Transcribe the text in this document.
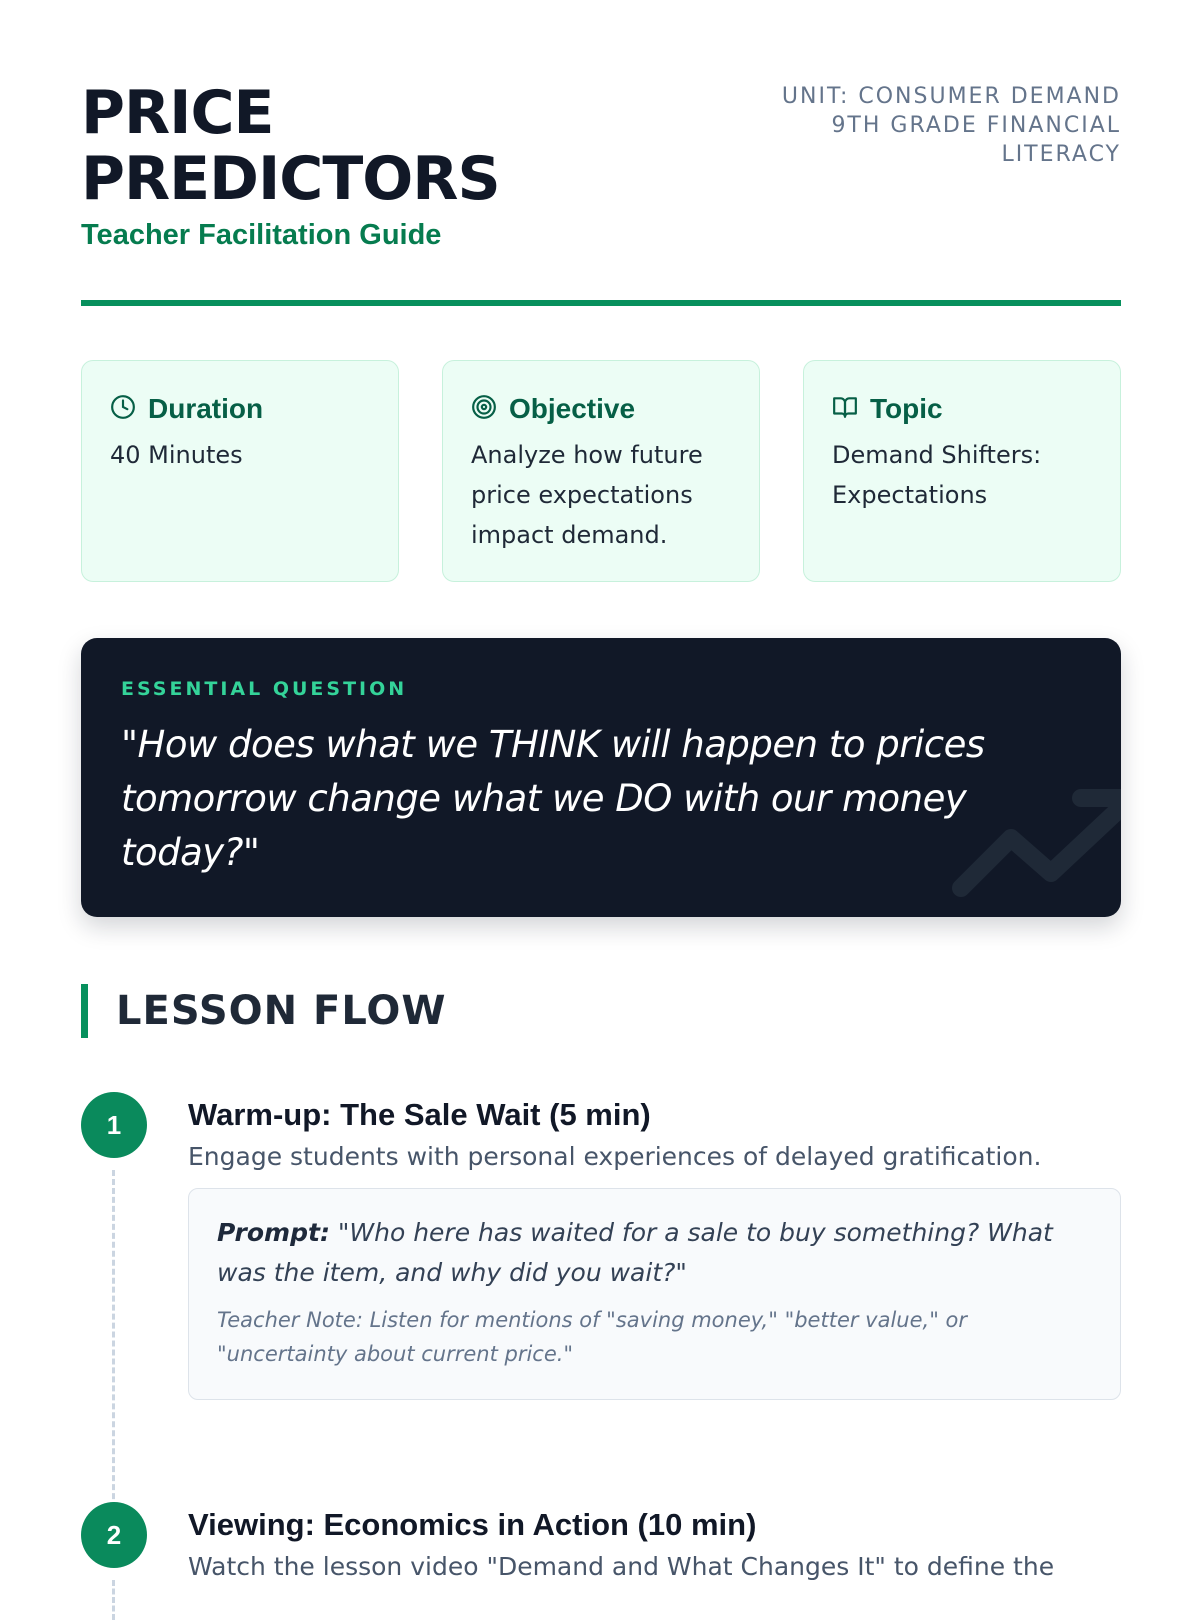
PRICE
PREDICTORS
Teacher Facilitation Guide
UNIT: CONSUMER DEMAND
9TH GRADE FINANCIAL
LITERACY
Duration
40 Minutes
Objective
Analyze how future price expectations impact demand.
Topic
Demand Shifters: Expectations
ESSENTIAL QUESTION
"How does what we THINK will happen to prices tomorrow change what we DO with our money today?"
LESSON FLOW
1	Warm-up: The Sale Wait (5 min)
Engage students with personal experiences of delayed gratification.
Prompt: "Who here has waited for a sale to buy something? What was the item, and why did you wait?"
Teacher Note: Listen for mentions of "saving money," "better value," or "uncertainty about current price."
2	Viewing: Economics in Action (10 min)
Watch the lesson video "Demand and What Changes It" to define the
